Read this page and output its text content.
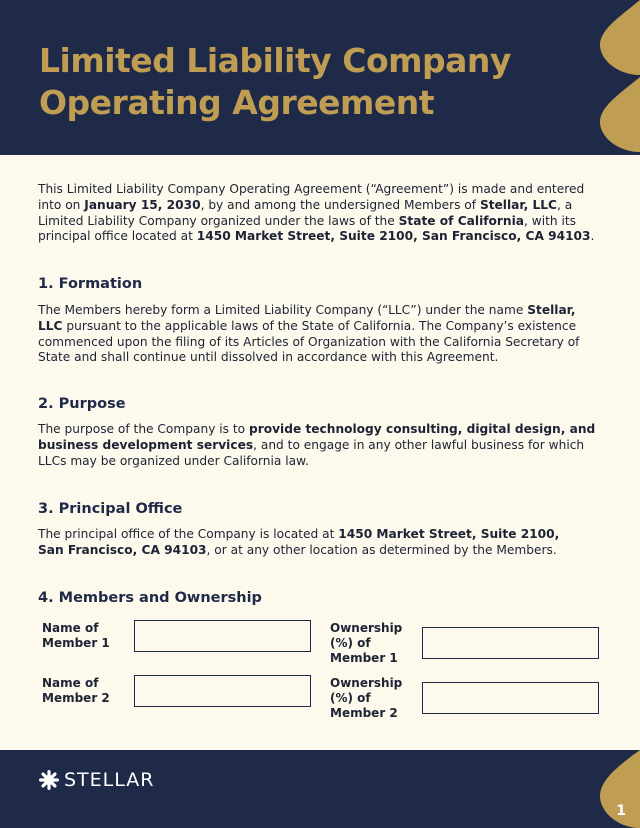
Limited Liability Company
Operating Agreement

This Limited Liability Company Operating Agreement (“Agreement”) is made and entered into on January 15, 2030, by and among the undersigned Members of Stellar, LLC, a Limited Liability Company organized under the laws of the State of California, with its principal office located at 1450 Market Street, Suite 2100, San Francisco, CA 94103.

1. Formation

The Members hereby form a Limited Liability Company (“LLC”) under the name Stellar, LLC pursuant to the applicable laws of the State of California. The Company’s existence commenced upon the filing of its Articles of Organization with the California Secretary of State and shall continue until dissolved in accordance with this Agreement.

2. Purpose

The purpose of the Company is to provide technology consulting, digital design, and business development services, and to engage in any other lawful business for which LLCs may be organized under California law.

3. Principal Office

The principal office of the Company is located at 1450 Market Street, Suite 2100,
San Francisco, CA 94103, or at any other location as determined by the Members.

4. Members and Ownership
Name of
Member 1
Ownership
(%) of
Member 1
Name of
Member 2
Ownership
(%) of
Member 2
STELLAR
1
